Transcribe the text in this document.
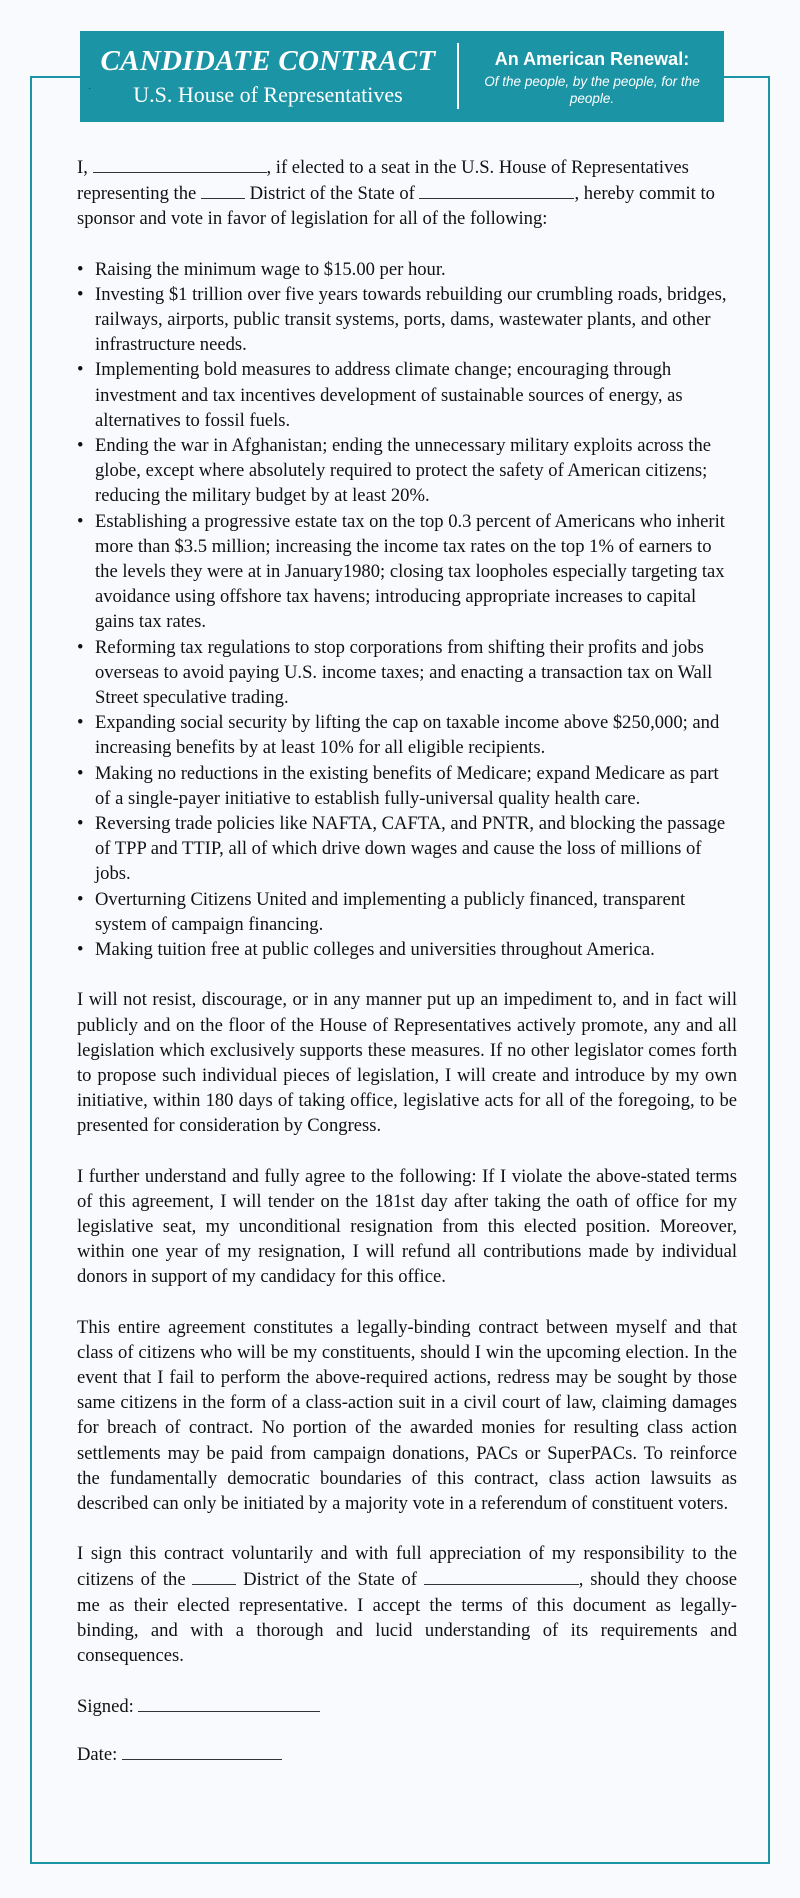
CANDIDATE CONTRACT
U.S. House of Representatives
·
An American Renewal:
Of the people, by the people, for the people.

I,	, if elected to a seat in the U.S. House of Representatives representing the	District of the State of	, hereby commit to sponsor and vote in favor of legislation for all of the following:

• Raising the minimum wage to $15.00 per hour.
• Investing $1 trillion over five years towards rebuilding our crumbling roads, bridges, railways, airports, public transit systems, ports, dams, wastewater plants, and other infrastructure needs.
• Implementing bold measures to address climate change; encouraging through investment and tax incentives development of sustainable sources of energy, as alternatives to fossil fuels.
• Ending the war in Afghanistan; ending the unnecessary military exploits across the globe, except where absolutely required to protect the safety of American citizens; reducing the military budget by at least 20%.
• Establishing a progressive estate tax on the top 0.3 percent of Americans who inherit more than $3.5 million; increasing the income tax rates on the top 1% of earners to the levels they were at in January1980; closing tax loopholes especially targeting tax avoidance using offshore tax havens; introducing appropriate increases to capital gains tax rates.
• Reforming tax regulations to stop corporations from shifting their profits and jobs overseas to avoid paying U.S. income taxes; and enacting a transaction tax on Wall Street speculative trading.
• Expanding social security by lifting the cap on taxable income above $250,000; and increasing benefits by at least 10% for all eligible recipients.
• Making no reductions in the existing benefits of Medicare; expand Medicare as part of a single-payer initiative to establish fully-universal quality health care.
• Reversing trade policies like NAFTA, CAFTA, and PNTR, and blocking the passage of TPP and TTIP, all of which drive down wages and cause the loss of millions of jobs.
• Overturning Citizens United and implementing a publicly financed, transparent system of campaign financing.
• Making tuition free at public colleges and universities throughout America.

I will not resist, discourage, or in any manner put up an impediment to, and in fact will publicly and on the floor of the House of Representatives actively promote, any and all legislation which exclusively supports these measures. If no other legislator comes forth to propose such individual pieces of legislation, I will create and introduce by my own initiative, within 180 days of taking office, legislative acts for all of the foregoing, to be presented for consideration by Congress.

I further understand and fully agree to the following: If I violate the above-stated terms of this agreement, I will tender on the 181st day after taking the oath of office for my legislative seat, my unconditional resignation from this elected position. Moreover, within one year of my resignation, I will refund all contributions made by individual donors in support of my candidacy for this office.

This entire agreement constitutes a legally-binding contract between myself and that class of citizens who will be my constituents, should I win the upcoming election. In the event that I fail to perform the above-required actions, redress may be sought by those same citizens in the form of a class-action suit in a civil court of law, claiming damages for breach of contract. No portion of the awarded monies for resulting class action settlements may be paid from campaign donations, PACs or SuperPACs. To reinforce the fundamentally democratic boundaries of this contract, class action lawsuits as described can only be initiated by a majority vote in a referendum of constituent voters.

I sign this contract voluntarily and with full appreciation of my responsibility to the citizens of the	District of the State of	, should they choose me as their elected representative. I accept the terms of this document as legally-binding, and with a thorough and lucid understanding of its requirements and consequences.

Signed:

Date:
